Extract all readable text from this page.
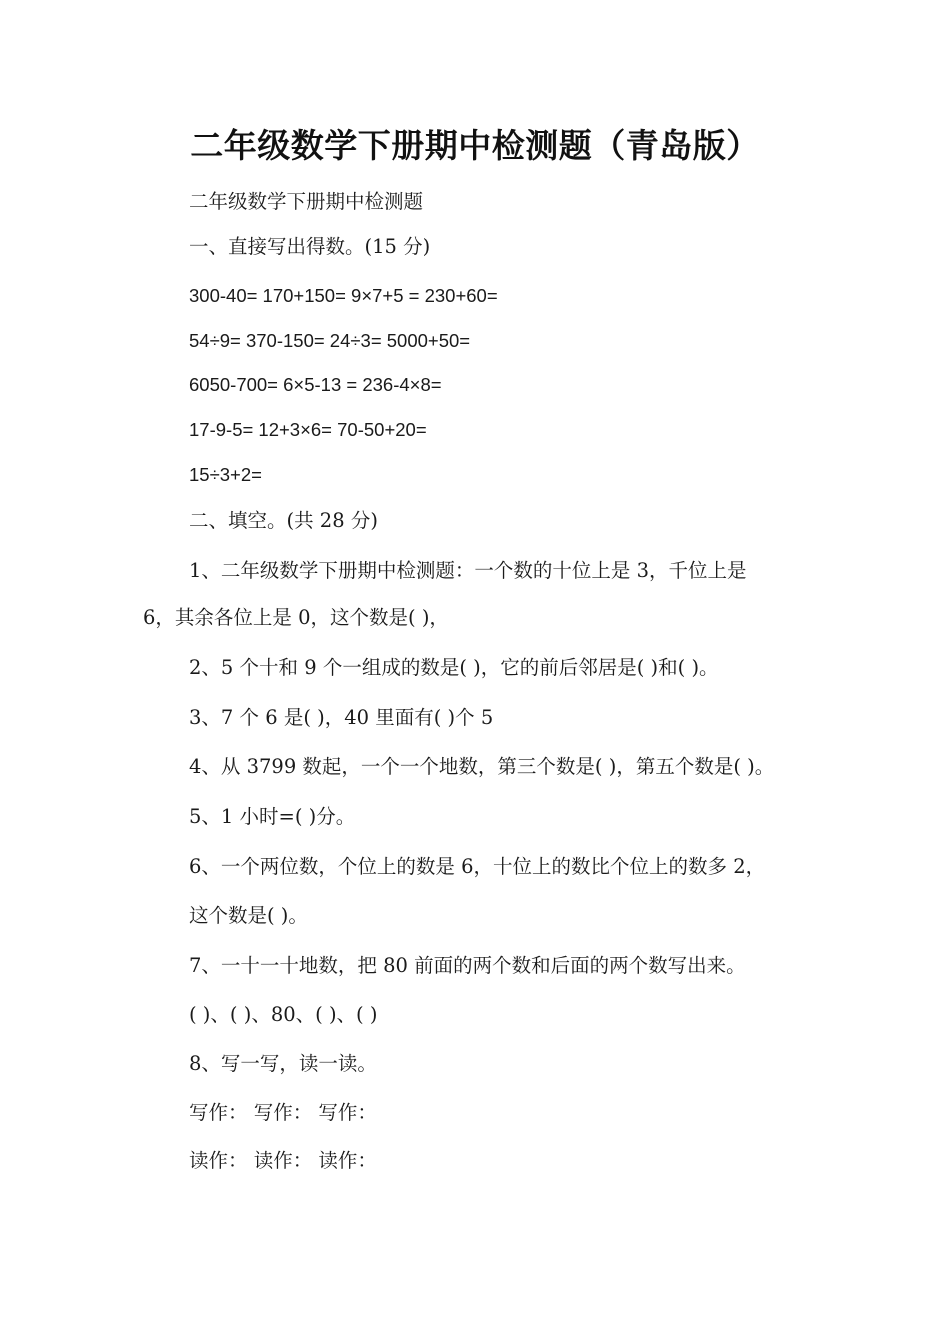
二年级数学下册期中检测题（青岛版）
二年级数学下册期中检测题
一、直接写出得数。(15 分)
300-40= 170+150= 9×7+5 = 230+60=
54÷9= 370-150= 24÷3= 5000+50=
6050-700= 6×5-13 = 236-4×8=
17-9-5= 12+3×6= 70-50+20=
15÷3+2=
二、填空。(共 28 分)
1、二年级数学下册期中检测题：一个数的十位上是 3，千位上是
6，其余各位上是 0，这个数是( )，
2、5 个十和 9 个一组成的数是( )，它的前后邻居是( )和( )。
3、7 个 6 是( )，40 里面有( )个 5
4、从 3799 数起，一个一个地数，第三个数是( )，第五个数是( )。
5、1 小时=( )分。
6、一个两位数，个位上的数是 6，十位上的数比个位上的数多 2，
这个数是( )。
7、一十一十地数，把 80 前面的两个数和后面的两个数写出来。
( )、( )、80、( )、( )
8、写一写，读一读。
写作： 写作： 写作：
读作： 读作： 读作：
